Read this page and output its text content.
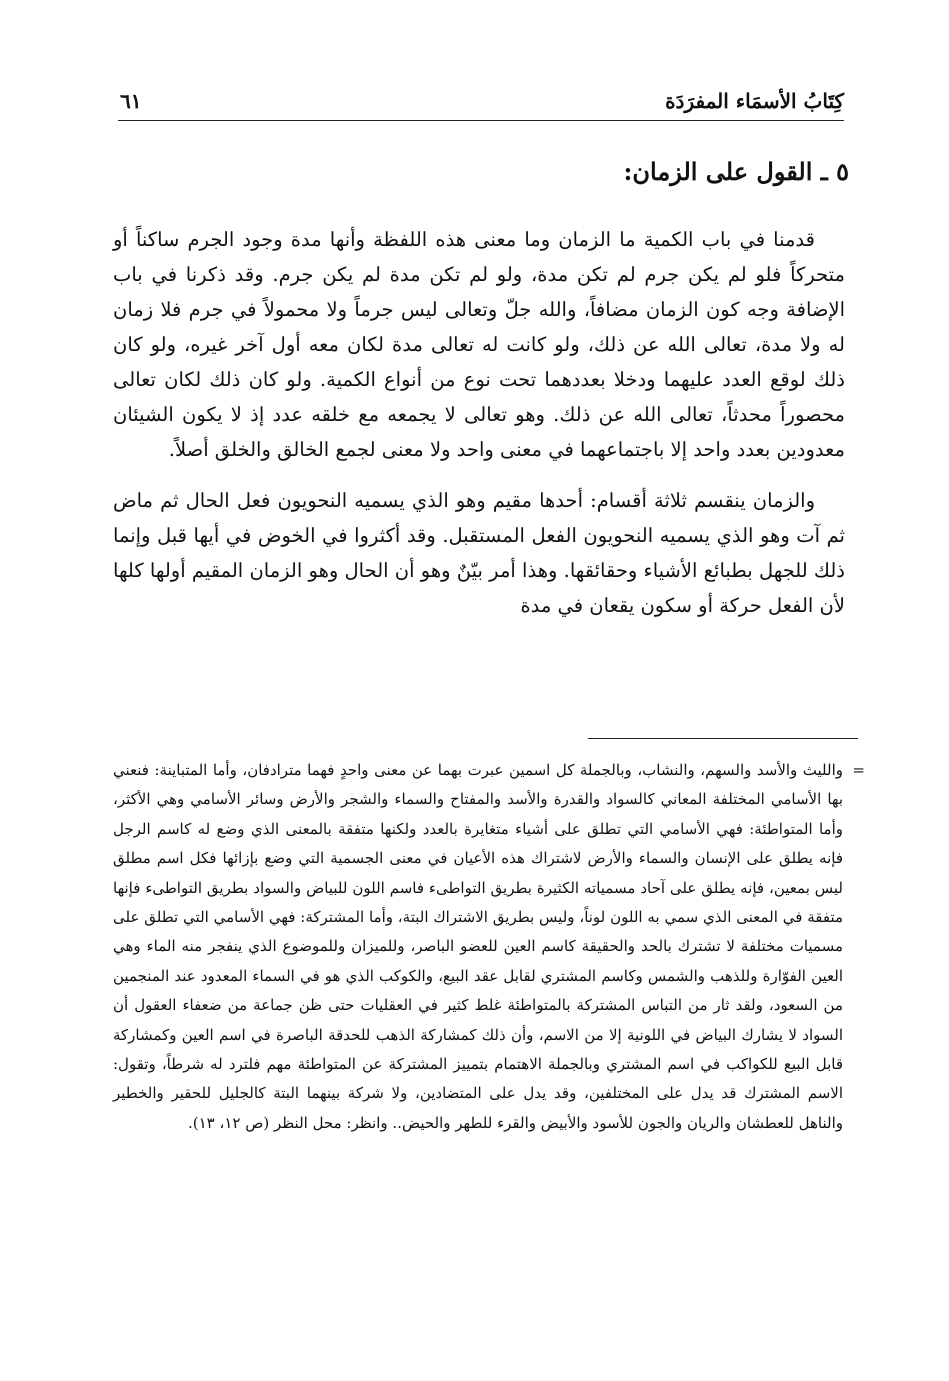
كِتَابُ الأسمَاء المفرَدَة
٦١
٥ ـ القول على الزمان:

قدمنا في باب الكمية ما الزمان وما معنى هذه اللفظة وأنها مدة وجود الجرم ساكناً أو متحركاً فلو لم يكن جرم لم تكن مدة، ولو لم تكن مدة لم يكن جرم. وقد ذكرنا في باب الإضافة وجه كون الزمان مضافاً، والله جلّ وتعالى ليس جرماً ولا محمولاً في جرم فلا زمان له ولا مدة، تعالى الله عن ذلك، ولو كانت له تعالى مدة لكان معه أول آخر غيره، ولو كان ذلك لوقع العدد عليهما ودخلا بعددهما تحت نوع من أنواع الكمية. ولو كان ذلك لكان تعالى محصوراً محدثاً، تعالى الله عن ذلك. وهو تعالى لا يجمعه مع خلقه عدد إذ لا يكون الشيئان معدودين بعدد واحد إلا باجتماعهما في معنى واحد ولا معنى لجمع الخالق والخلق أصلاً.

والزمان ينقسم ثلاثة أقسام: أحدها مقيم وهو الذي يسميه النحويون فعل الحال ثم ماض ثم آت وهو الذي يسميه النحويون الفعل المستقبل. وقد أكثروا في الخوض في أيها قبل وإنما ذلك للجهل بطبائع الأشياء وحقائقها. وهذا أمر بيّنٌ وهو أن الحال وهو الزمان المقيم أولها كلها لأن الفعل حركة أو سكون يقعان في مدة

=

والليث والأسد والسهم، والنشاب، وبالجملة كل اسمين عبرت بهما عن معنى واحدٍ فهما مترادفان، وأما المتباينة: فنعني بها الأسامي المختلفة المعاني كالسواد والقدرة والأسد والمفتاح والسماء والشجر والأرض وسائر الأسامي وهي الأكثر، وأما المتواطئة: فهي الأسامي التي تطلق على أشياء متغايرة بالعدد ولكنها متفقة بالمعنى الذي وضع له كاسم الرجل فإنه يطلق على الإنسان والسماء والأرض لاشتراك هذه الأعيان في معنى الجسمية التي وضع بإزائها فكل اسم مطلق ليس بمعين، فإنه يطلق على آحاد مسمياته الكثيرة بطريق التواطىء فاسم اللون للبياض والسواد بطريق التواطىء فإنها متفقة في المعنى الذي سمي به اللون لوناً، وليس بطريق الاشتراك البتة، وأما المشتركة: فهي الأسامي التي تطلق على مسميات مختلفة لا تشترك بالحد والحقيقة كاسم العين للعضو الباصر، وللميزان وللموضوع الذي ينفجر منه الماء وهي العين الفوّارة وللذهب والشمس وكاسم المشتري لقابل عقد البيع، والكوكب الذي هو في السماء المعدود عند المنجمين من السعود، ولقد ثار من التباس المشتركة بالمتواطئة غلط كثير في العقليات حتى ظن جماعة من ضعفاء العقول أن السواد لا يشارك البياض في اللونية إلا من الاسم، وأن ذلك كمشاركة الذهب للحدقة الباصرة في اسم العين وكمشاركة قابل البيع للكواكب في اسم المشتري وبالجملة الاهتمام بتمييز المشتركة عن المتواطئة مهم فلترد له شرطاً، وتقول: الاسم المشترك قد يدل على المختلفين، وقد يدل على المتضادين، ولا شركة بينهما البتة كالجليل للحقير والخطير والناهل للعطشان والريان والجون للأسود والأبيض والقرء للطهر والحيض.. وانظر: محل النظر (ص ١٢، ١٣).
